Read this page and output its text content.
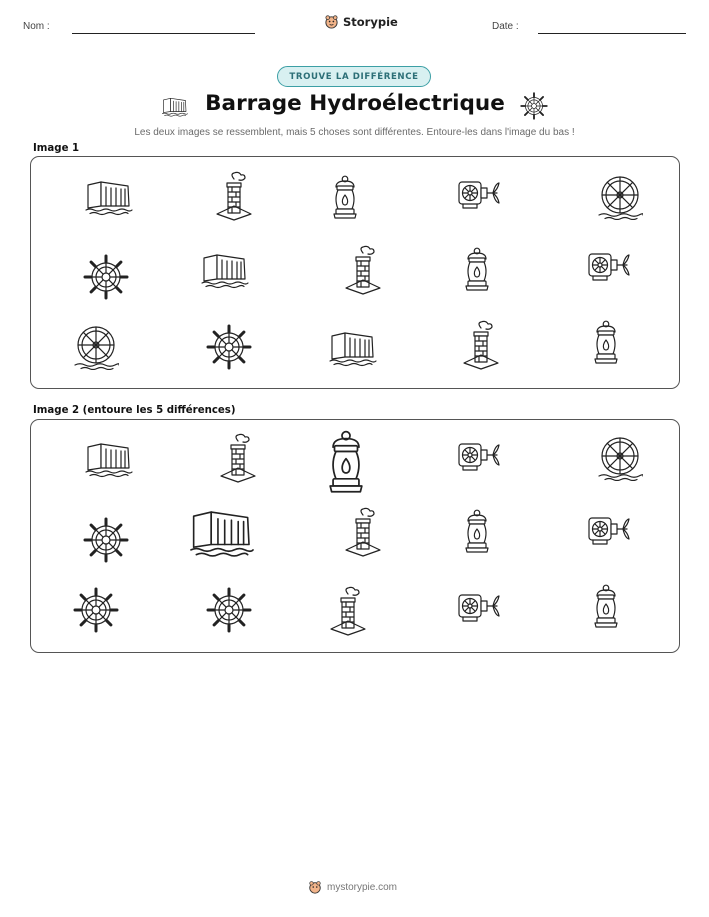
Nom :	Storypie	Date :
TROUVE LA DIFFÉRENCE
Barrage Hydroélectrique
Les deux images se ressemblent, mais 5 choses sont différentes. Entoure-les dans l'image du bas !
Image 1
Image 2 (entoure les 5 différences)
mystorypie.com
